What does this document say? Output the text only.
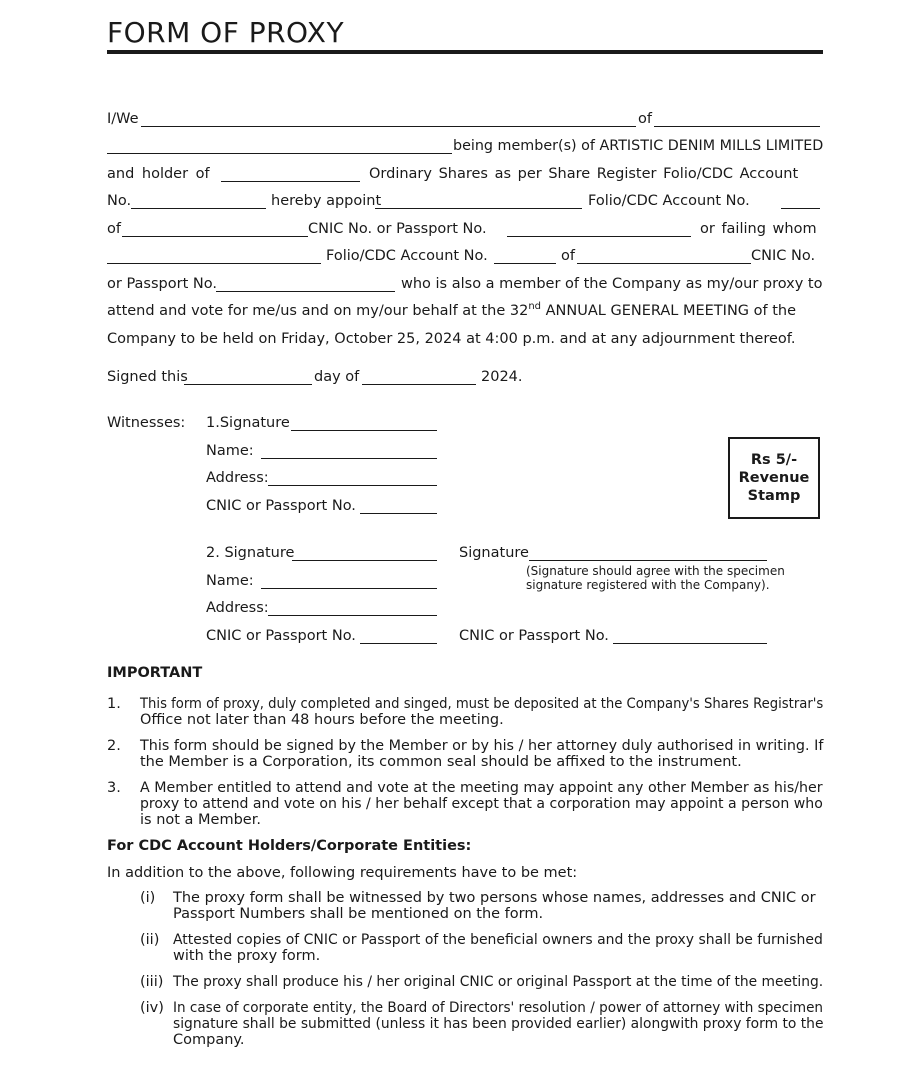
FORM OF PROXY
I/We	of
being member(s) of ARTISTIC DENIM MILLS LIMITED
and holder of	Ordinary Shares as per Share Register Folio/CDC Account
No.	hereby appoint	Folio/CDC Account No.
of	CNIC No. or Passport No.	or failing whom
Folio/CDC Account No.	of	CNIC No.
or Passport No.	who is also a member of the Company as my/our proxy to
attend and vote for me/us and on my/our behalf at the 32nd ANNUAL GENERAL MEETING of the
Company to be held on Friday, October 25, 2024 at 4:00 p.m. and at any adjournment thereof.
Signed this	day of	2024.
Witnesses: 1.Signature
Name:
Address:
CNIC or Passport No.
Rs 5/-
Revenue
Stamp
2. Signature
Name:
Address:
CNIC or Passport No.
Signature
(Signature should agree with the specimen
signature registered with the Company).
CNIC or Passport No.
IMPORTANT
1. This form of proxy, duly completed and singed, must be deposited at the Company's Shares Registrar's
Office not later than 48 hours before the meeting.
2. This form should be signed by the Member or by his / her attorney duly authorised in writing. If
the Member is a Corporation, its common seal should be affixed to the instrument.
3. A Member entitled to attend and vote at the meeting may appoint any other Member as his/her
proxy to attend and vote on his / her behalf except that a corporation may appoint a person who
is not a Member.
For CDC Account Holders/Corporate Entities:
In addition to the above, following requirements have to be met:
(i) The proxy form shall be witnessed by two persons whose names, addresses and CNIC or
Passport Numbers shall be mentioned on the form.
(ii) Attested copies of CNIC or Passport of the beneficial owners and the proxy shall be furnished
with the proxy form.
(iii) The proxy shall produce his / her original CNIC or original Passport at the time of the meeting.
(iv) In case of corporate entity, the Board of Directors' resolution / power of attorney with specimen
signature shall be submitted (unless it has been provided earlier) alongwith proxy form to the
Company.
